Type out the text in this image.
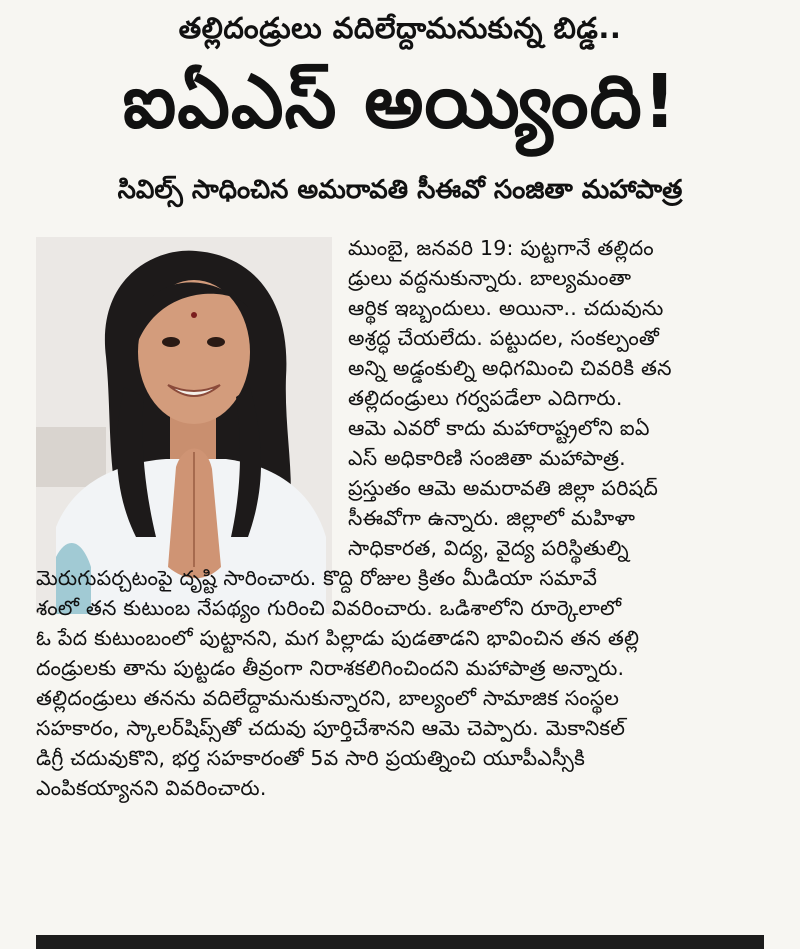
తల్లిదండ్రులు వదిలేద్దామనుకున్న బిడ్డ..
ఐఏఎస్ అయ్యింది!
సివిల్స్ సాధించిన అమరావతి సీఈవో సంజితా మహాపాత్ర
ముంబై, జనవరి 19: పుట్టగానే తల్లిదం
డ్రులు వద్దనుకున్నారు. బాల్యమంతా
ఆర్థిక ఇబ్బందులు. అయినా.. చదువును
అశ్రద్ధ చేయలేదు. పట్టుదల, సంకల్పంతో
అన్ని అడ్డంకుల్ని అధిగమించి చివరికి తన
తల్లిదండ్రులు గర్వపడేలా ఎదిగారు.
ఆమె ఎవరో కాదు మహారాష్ట్రలోని ఐఏ
ఎస్ అధికారిణి సంజితా మహాపాత్ర.
ప్రస్తుతం ఆమె అమరావతి జిల్లా పరిషద్
సీఈవోగా ఉన్నారు. జిల్లాలో మహిళా
సాధికారత, విద్య, వైద్య పరిస్థితుల్ని
మెరుగుపర్చటంపై దృష్టి సారించారు. కొద్ది రోజుల క్రితం మీడియా సమావే
శంలో తన కుటుంబ నేపథ్యం గురించి వివరించారు. ఒడిశాలోని రూర్కెలాలో
ఓ పేద కుటుంబంలో పుట్టానని, మగ పిల్లాడు పుడతాడని భావించిన తన తల్లి
దండ్రులకు తాను పుట్టడం తీవ్రంగా నిరాశకలిగించిందని మహాపాత్ర అన్నారు.
తల్లిదండ్రులు తనను వదిలేద్దామనుకున్నారని, బాల్యంలో సామాజిక సంస్థల
సహకారం, స్కాలర్‌షిప్స్‌తో చదువు పూర్తిచేశానని ఆమె చెప్పారు. మెకానికల్
డిగ్రీ చదువుకొని, భర్త సహకారంతో 5వ సారి ప్రయత్నించి యూపీఎస్సీకి
ఎంపికయ్యానని వివరించారు.
